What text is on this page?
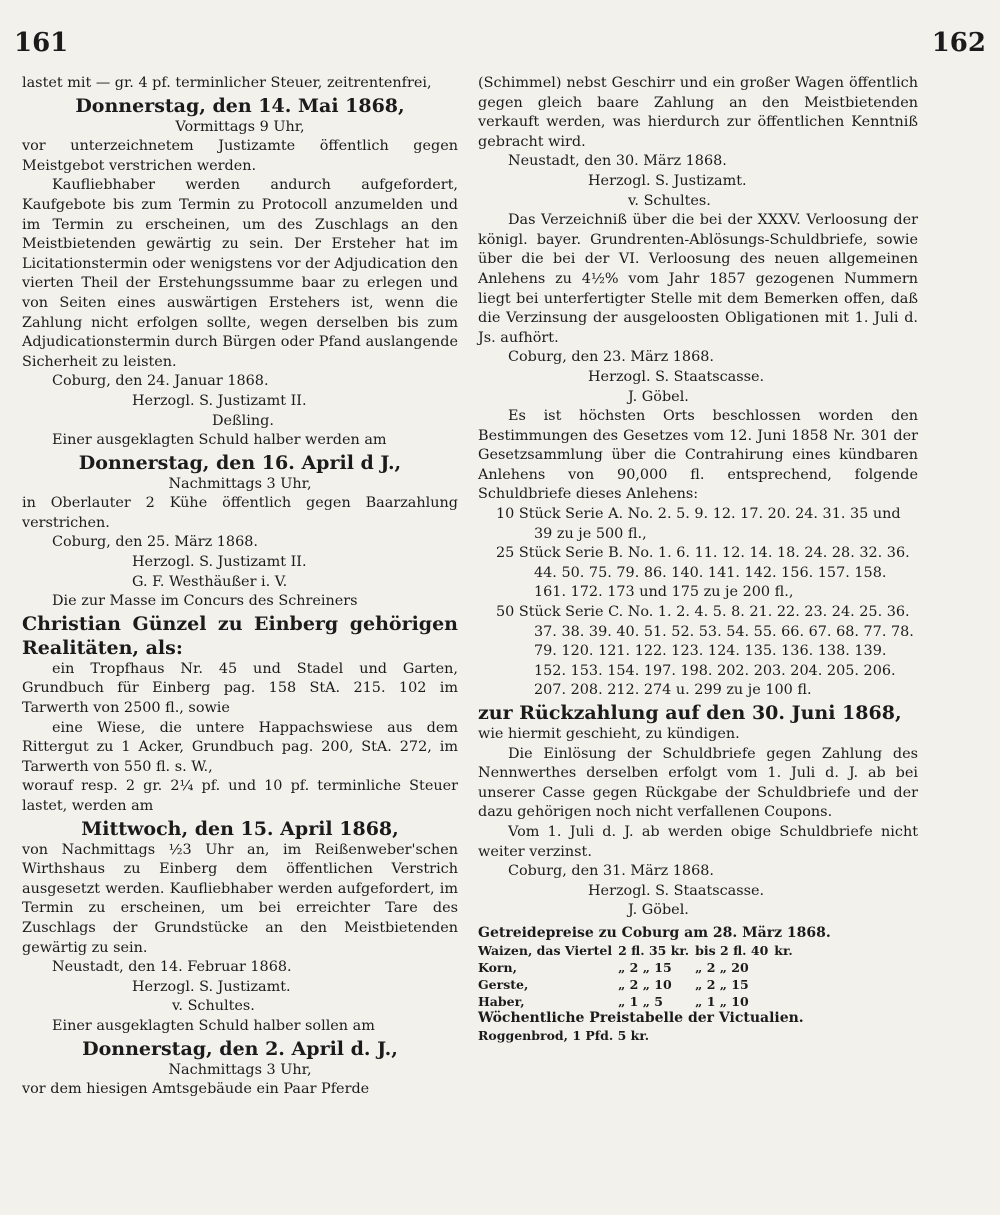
161	162

lastet mit — gr. 4 pf. terminlicher Steuer, zeitrentenfrei,

Donnerstag, den 14. Mai 1868,

Vormittags 9 Uhr,

vor unterzeichnetem Justizamte öffentlich gegen Meistgebot verstrichen werden.

Kaufliebhaber werden andurch aufgefordert, Kaufgebote bis zum Termin zu Protocoll anzumelden und im Termin zu erscheinen, um des Zuschlags an den Meistbietenden gewärtig zu sein. Der Ersteher hat im Licitationstermin oder wenigstens vor der Adjudication den vierten Theil der Erstehungssumme baar zu erlegen und von Seiten eines auswärtigen Erstehers ist, wenn die Zahlung nicht erfolgen sollte, wegen derselben bis zum Adjudicationstermin durch Bürgen oder Pfand auslangende Sicherheit zu leisten.

Coburg, den 24. Januar 1868.

Herzogl. S. Justizamt II.

Deßling.

Einer ausgeklagten Schuld halber werden am

Donnerstag, den 16. April d J.,

Nachmittags 3 Uhr,

in Oberlauter 2 Kühe öffentlich gegen Baarzahlung verstrichen.

Coburg, den 25. März 1868.

Herzogl. S. Justizamt II.

G. F. Westhäußer i. V.

Die zur Masse im Concurs des Schreiners

Christian Günzel zu Einberg gehörigen Realitäten, als:

ein Tropfhaus Nr. 45 und Stadel und Garten, Grundbuch für Einberg pag. 158 StA. 215. 102 im Tarwerth von 2500 fl., sowie

eine Wiese, die untere Happachswiese aus dem Rittergut zu 1 Acker, Grundbuch pag. 200, StA. 272, im Tarwerth von 550 fl. s. W.,

worauf resp. 2 gr. 2¼ pf. und 10 pf. terminliche Steuer lastet, werden am

Mittwoch, den 15. April 1868,

von Nachmittags ½3 Uhr an, im Reißenweber'schen Wirthshaus zu Einberg dem öffentlichen Verstrich ausgesetzt werden. Kaufliebhaber werden aufgefordert, im Termin zu erscheinen, um bei erreichter Tare des Zuschlags der Grundstücke an den Meistbietenden gewärtig zu sein.

Neustadt, den 14. Februar 1868.

Herzogl. S. Justizamt.

v. Schultes.

Einer ausgeklagten Schuld halber sollen am

Donnerstag, den 2. April d. J.,

Nachmittags 3 Uhr,

vor dem hiesigen Amtsgebäude ein Paar Pferde

(Schimmel) nebst Geschirr und ein großer Wagen öffentlich gegen gleich baare Zahlung an den Meistbietenden verkauft werden, was hierdurch zur öffentlichen Kenntniß gebracht wird.

Neustadt, den 30. März 1868.

Herzogl. S. Justizamt.

v. Schultes.

Das Verzeichniß über die bei der XXXV. Verloosung der königl. bayer. Grundrenten-Ablösungs-Schuldbriefe, sowie über die bei der VI. Verloosung des neuen allgemeinen Anlehens zu 4½% vom Jahr 1857 gezogenen Nummern liegt bei unterfertigter Stelle mit dem Bemerken offen, daß die Verzinsung der ausgeloosten Obligationen mit 1. Juli d. Js. aufhört.

Coburg, den 23. März 1868.

Herzogl. S. Staatscasse.

J. Göbel.

Es ist höchsten Orts beschlossen worden den Bestimmungen des Gesetzes vom 12. Juni 1858 Nr. 301 der Gesetzsammlung über die Contrahirung eines kündbaren Anlehens von 90,000 fl. entsprechend, folgende Schuldbriefe dieses Anlehens:

10 Stück Serie A. No. 2. 5. 9. 12. 17. 20. 24. 31. 35 und 39 zu je 500 fl.,
25 Stück Serie B. No. 1. 6. 11. 12. 14. 18. 24. 28. 32. 36. 44. 50. 75. 79. 86. 140. 141. 142. 156. 157. 158. 161. 172. 173 und 175 zu je 200 fl.,
50 Stück Serie C. No. 1. 2. 4. 5. 8. 21. 22. 23. 24. 25. 36. 37. 38. 39. 40. 51. 52. 53. 54. 55. 66. 67. 68. 77. 78. 79. 120. 121. 122. 123. 124. 135. 136. 138. 139. 152. 153. 154. 197. 198. 202. 203. 204. 205. 206. 207. 208. 212. 274 u. 299 zu je 100 fl.

zur Rückzahlung auf den 30. Juni 1868,

wie hiermit geschieht, zu kündigen.

Die Einlösung der Schuldbriefe gegen Zahlung des Nennwerthes derselben erfolgt vom 1. Juli d. J. ab bei unserer Casse gegen Rückgabe der Schuldbriefe und der dazu gehörigen noch nicht verfallenen Coupons.

Vom 1. Juli d. J. ab werden obige Schuldbriefe nicht weiter verzinst.

Coburg, den 31. März 1868.

Herzogl. S. Staatscasse.

J. Göbel.

Getreidepreise zu Coburg am 28. März 1868.
Waizen, das Viertel	2 fl. 35 kr.	bis 2 fl. 40	kr.
Korn,	„ 2 „ 15	„ 2 „ 20	
Gerste,	„ 2 „ 10	„ 2 „ 15	
Haber,	„ 1 „ 5	„ 1 „ 10	
Wöchentliche Preistabelle der Victualien.
Roggenbrod, 1 Pfd. 5 kr.
